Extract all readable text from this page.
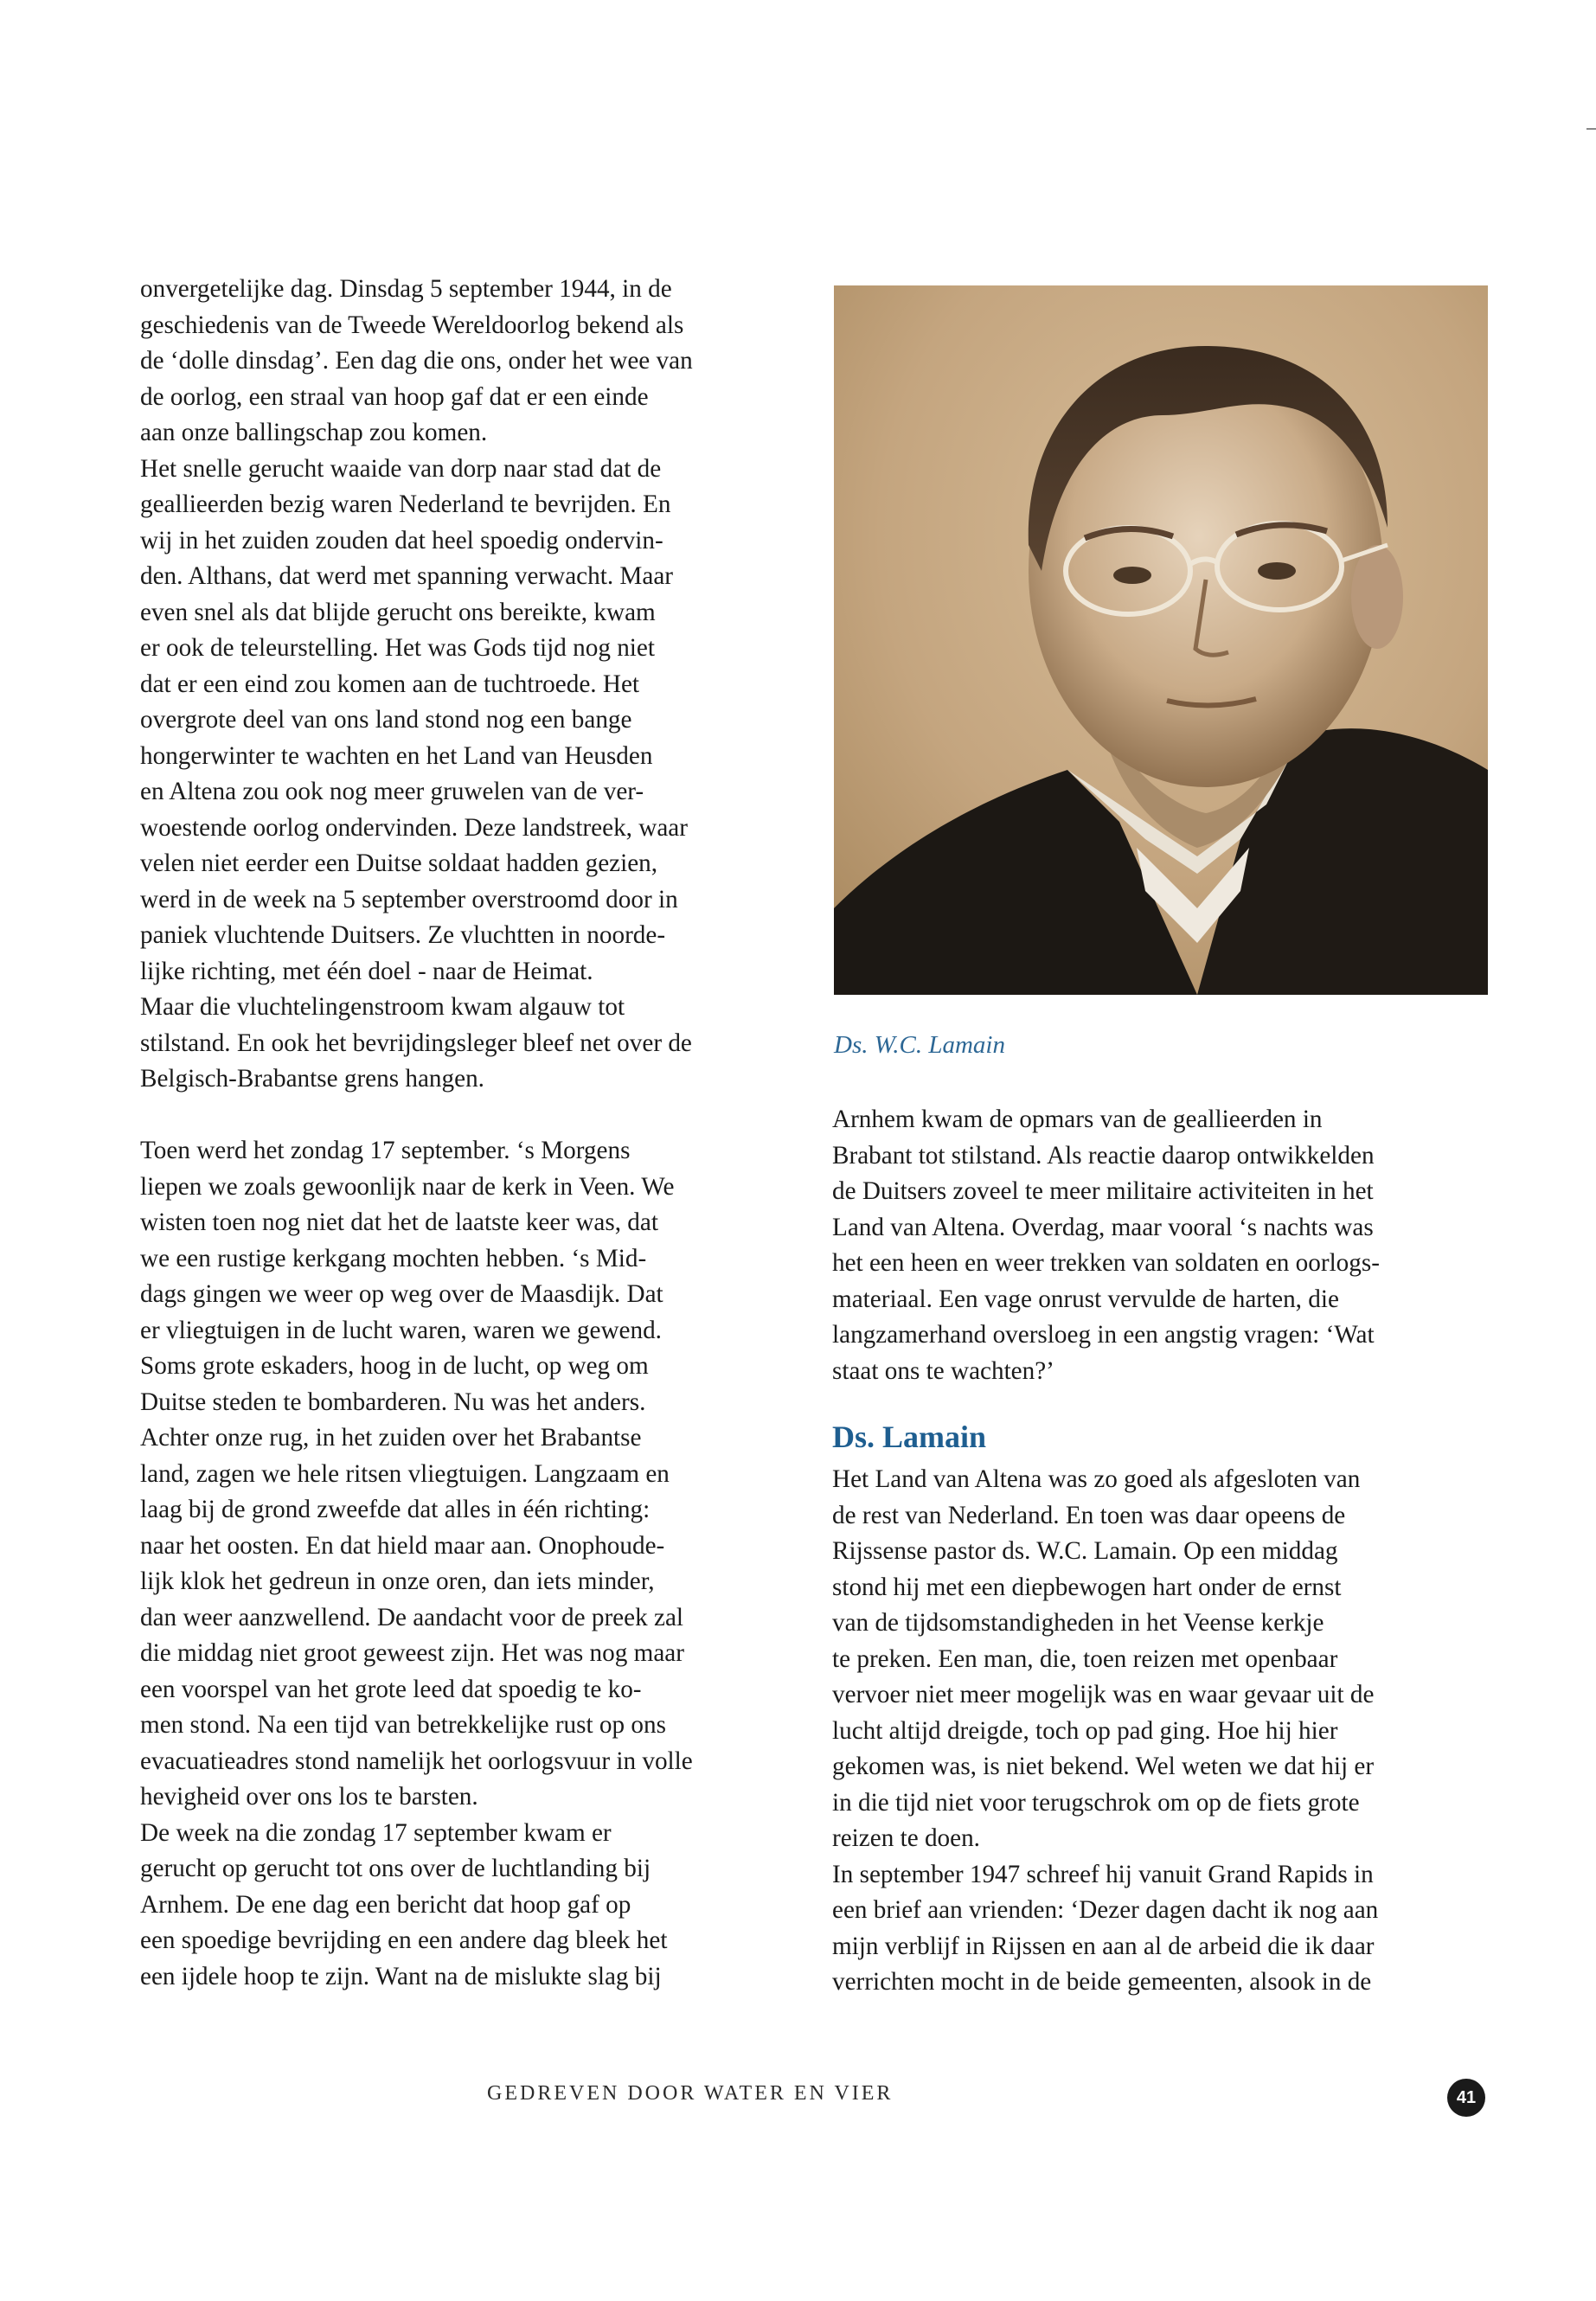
onvergetelijke dag. Dinsdag 5 september 1944, in de
geschiedenis van de Tweede Wereldoorlog bekend als
de ‘dolle dinsdag’. Een dag die ons, onder het wee van
de oorlog, een straal van hoop gaf dat er een einde
aan onze ballingschap zou komen.
Het snelle gerucht waaide van dorp naar stad dat de
geallieerden bezig waren Nederland te bevrijden. En
wij in het zuiden zouden dat heel spoedig ondervin-
den. Althans, dat werd met spanning verwacht. Maar
even snel als dat blijde gerucht ons bereikte, kwam
er ook de teleurstelling. Het was Gods tijd nog niet
dat er een eind zou komen aan de tuchtroede. Het
overgrote deel van ons land stond nog een bange
hongerwinter te wachten en het Land van Heusden
en Altena zou ook nog meer gruwelen van de ver-
woestende oorlog ondervinden. Deze landstreek, waar
velen niet eerder een Duitse soldaat hadden gezien,
werd in de week na 5 september overstroomd door in
paniek vluchtende Duitsers. Ze vluchtten in noorde-
lijke richting, met één doel - naar de Heimat.
Maar die vluchtelingenstroom kwam algauw tot
stilstand. En ook het bevrijdingsleger bleef net over de
Belgisch-Brabantse grens hangen.
Toen werd het zondag 17 september. ‘s Morgens
liepen we zoals gewoonlijk naar de kerk in Veen. We
wisten toen nog niet dat het de laatste keer was, dat
we een rustige kerkgang mochten hebben. ‘s Mid-
dags gingen we weer op weg over de Maasdijk. Dat
er vliegtuigen in de lucht waren, waren we gewend.
Soms grote eskaders, hoog in de lucht, op weg om
Duitse steden te bombarderen. Nu was het anders.
Achter onze rug, in het zuiden over het Brabantse
land, zagen we hele ritsen vliegtuigen. Langzaam en
laag bij de grond zweefde dat alles in één richting:
naar het oosten. En dat hield maar aan. Onophoude-
lijk klok het gedreun in onze oren, dan iets minder,
dan weer aanzwellend. De aandacht voor de preek zal
die middag niet groot geweest zijn. Het was nog maar
een voorspel van het grote leed dat spoedig te ko-
men stond. Na een tijd van betrekkelijke rust op ons
evacuatieadres stond namelijk het oorlogsvuur in volle
hevigheid over ons los te barsten.
De week na die zondag 17 september kwam er
gerucht op gerucht tot ons over de luchtlanding bij
Arnhem. De ene dag een bericht dat hoop gaf op
een spoedige bevrijding en een andere dag bleek het
een ijdele hoop te zijn. Want na de mislukte slag bij
Ds. W.C. Lamain
Arnhem kwam de opmars van de geallieerden in
Brabant tot stilstand. Als reactie daarop ontwikkelden
de Duitsers zoveel te meer militaire activiteiten in het
Land van Altena. Overdag, maar vooral ‘s nachts was
het een heen en weer trekken van soldaten en oorlogs-
materiaal. Een vage onrust vervulde de harten, die
langzamerhand oversloeg in een angstig vragen: ‘Wat
staat ons te wachten?’
Ds. Lamain
Het Land van Altena was zo goed als afgesloten van
de rest van Nederland. En toen was daar opeens de
Rijssense pastor ds. W.C. Lamain. Op een middag
stond hij met een diepbewogen hart onder de ernst
van de tijdsomstandigheden in het Veense kerkje
te preken. Een man, die, toen reizen met openbaar
vervoer niet meer mogelijk was en waar gevaar uit de
lucht altijd dreigde, toch op pad ging. Hoe hij hier
gekomen was, is niet bekend. Wel weten we dat hij er
in die tijd niet voor terugschrok om op de fiets grote
reizen te doen.
In september 1947 schreef hij vanuit Grand Rapids in
een brief aan vrienden: ‘Dezer dagen dacht ik nog aan
mijn verblijf in Rijssen en aan al de arbeid die ik daar
verrichten mocht in de beide gemeenten, alsook in de
GEDREVEN DOOR WATER EN VIER	41
